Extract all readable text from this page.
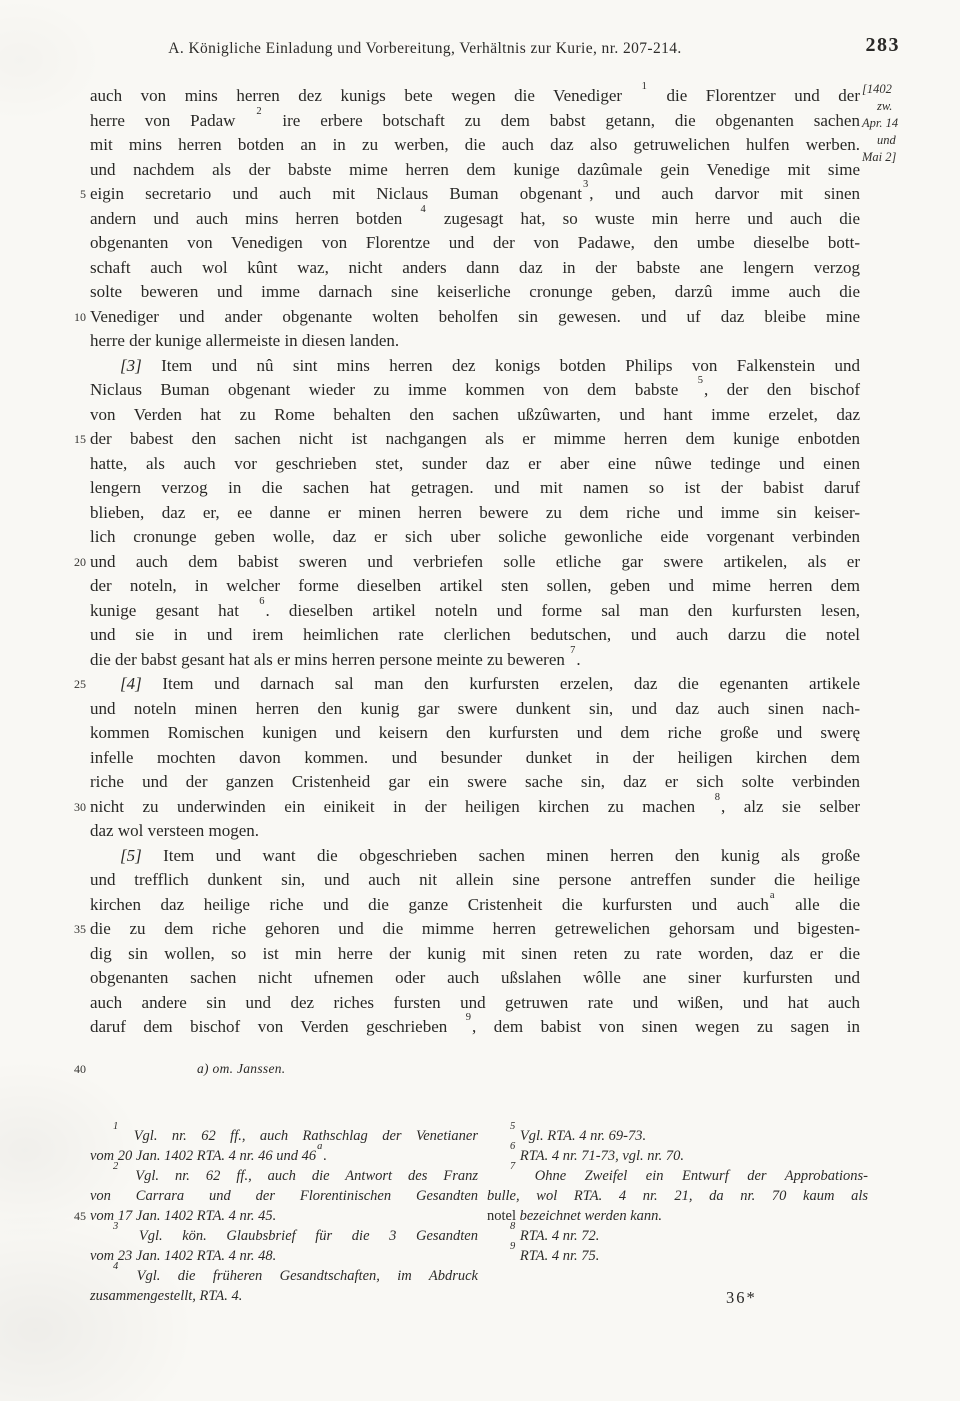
A. Königliche Einladung und Vorbereitung, Verhältnis zur Kurie, nr. 207-214.	283
[1402
zw.
Apr. 14
und
Mai 2]
auch von mins herren dez kunigs bete wegen die Venediger $^1$ die Florentzer und der
herre von Padaw $^2$ ire erbere botschaft zu dem babst getann, die obgenanten sachen
mit mins herren botden an in zu werben, die auch daz also getruwelichen hulfen werben.
und nachdem als der babste mime herren dem kunige dazûmale gein Venedige mit sime
eigin secretario und auch mit Niclaus Buman obgenant$^3$, und auch darvor mit sinen
andern und auch mins herren botden $^4$ zugesagt hat, so wuste min herre und auch die
obgenanten von Venedigen von Florentze und der von Padawe, den umbe dieselbe bott-
schaft auch wol kûnt waz, nicht anders dann daz in der babste ane lengern verzog
solte beweren und imme darnach sine keiserliche cronunge geben, darzû imme auch die
Venediger und ander obgenante wolten beholfen sin gewesen. und uf daz bleibe mine
herre der kunige allermeiste in diesen landen.
[3] Item und nû sint mins herren dez konigs botden Philips von Falkenstein und
Niclaus Buman obgenant wieder zu imme kommen von dem babste $^5$, der den bischof
von Verden hat zu Rome behalten den sachen ußzûwarten, und hant imme erzelet, daz
der babest den sachen nicht ist nachgangen als er mimme herren dem kunige enbotden
hatte, als auch vor geschrieben stet, sunder daz er aber eine nûwe tedinge und einen
lengern verzog in die sachen hat getragen. und mit namen so ist der babist daruf
blieben, daz er, ee danne er minen herren bewere zu dem riche und imme sin keiser-
lich cronunge geben wolle, daz er sich uber soliche gewonliche eide vorgenant verbinden
und auch dem babist sweren und verbriefen solle etliche gar swere artikelen, als er
der noteln, in welcher forme dieselben artikel sten sollen, geben und mime herren dem
kunige gesant hat $^6$. dieselben artikel noteln und forme sal man den kurfursten lesen,
und sie in und irem heimlichen rate clerlichen bedutschen, und auch darzu die notel
die der babst gesant hat als er mins herren persone meinte zu beweren $^7$.
[4] Item und darnach sal man den kurfursten erzelen, daz die egenanten artikele
und noteln minen herren den kunig gar swere dunkent sin, und daz auch sinen nach-
kommen Romischen kunigen und keisern den kurfursten und dem riche große und swerę
infelle mochten davon kommen. und besunder dunket in der heiligen kirchen dem
riche und der ganzen Cristenheid gar ein swere sache sin, daz er sich solte verbinden
nicht zu underwinden ein einikeit in der heiligen kirchen zu machen $^8$, alz sie selber
daz wol versteen mogen.
[5] Item und want die obgeschrieben sachen minen herren den kunig als große
und trefflich dunkent sin, und auch nit allein sine persone antreffen sunder die heilige
kirchen daz heilige riche und die ganze Cristenheit die kurfursten und auch$^a$ alle die
die zu dem riche gehoren und die mimme herren getrewelichen gehorsam und bigesten-
dig sin wollen, so ist min herre der kunig mit sinen reten zu rate worden, daz er die
obgenanten sachen nicht ufnemen oder auch ußslahen wôlle ane siner kurfursten und
auch andere sin und dez riches fursten und getruwen rate und wißen, und hat auch
daruf dem bischof von Verden geschrieben $^9$, dem babist von sinen wegen zu sagen in
a) om. Janssen.
$^1$ Vgl. nr. 62 ff., auch Rathschlag der Venetianer
vom 20 Jan. 1402 RTA. 4 nr. 46 und 46$^a$.
$^2$ Vgl. nr. 62 ff., auch die Antwort des Franz
von Carrara und der Florentinischen Gesandten
vom 17 Jan. 1402 RTA. 4 nr. 45.
$^3$ Vgl. kön. Glaubsbrief für die 3 Gesandten
vom 23 Jan. 1402 RTA. 4 nr. 48.
$^4$ Vgl. die früheren Gesandtschaften, im Abdruck
zusammengestellt, RTA. 4.
$^5$ Vgl. RTA. 4 nr. 69-73.
$^6$ RTA. 4 nr. 71-73, vgl. nr. 70.
$^7$ Ohne Zweifel ein Entwurf der Approbations-
bulle, wol RTA. 4 nr. 21, da nr. 70 kaum als
notel bezeichnet werden kann.
$^8$ RTA. 4 nr. 72.
$^9$ RTA. 4 nr. 75.
36*
5
10
15
20
25
30
35
40
45
